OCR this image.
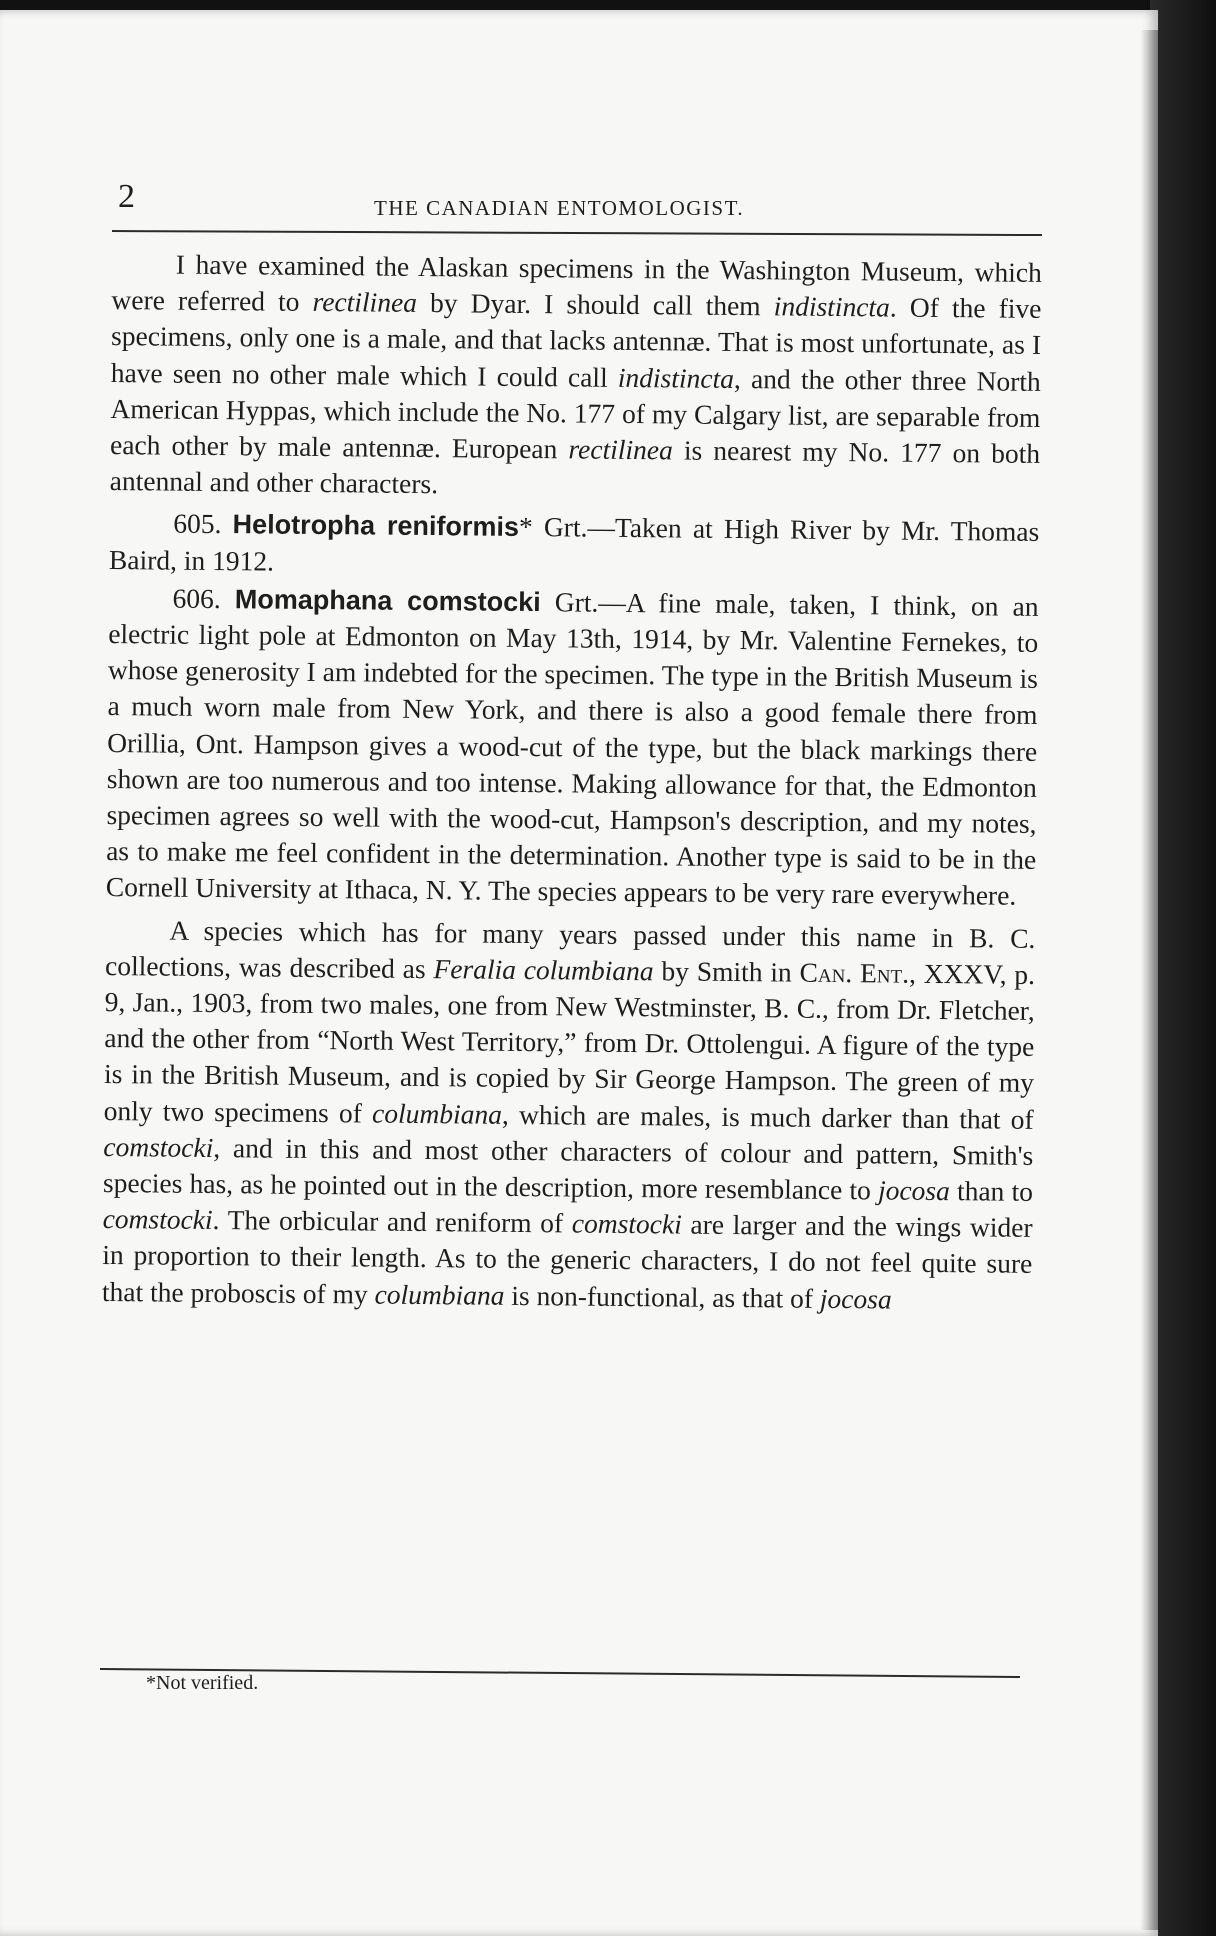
2	THE CANADIAN ENTOMOLOGIST.

I have examined the Alaskan specimens in the Washington Museum, which were referred to rectilinea by Dyar. I should call them indistincta. Of the five specimens, only one is a male, and that lacks antennæ. That is most unfortunate, as I have seen no other male which I could call indistincta, and the other three North American Hyppas, which include the No. 177 of my Calgary list, are separable from each other by male antennæ. European rectilinea is nearest my No. 177 on both antennal and other characters.

605. Helotropha reniformis* Grt.—Taken at High River by Mr. Thomas Baird, in 1912.

606. Momaphana comstocki Grt.—A fine male, taken, I think, on an electric light pole at Edmonton on May 13th, 1914, by Mr. Valentine Fernekes, to whose generosity I am indebted for the specimen. The type in the British Museum is a much worn male from New York, and there is also a good female there from Orillia, Ont. Hampson gives a wood-cut of the type, but the black markings there shown are too numerous and too intense. Making allowance for that, the Edmonton specimen agrees so well with the wood-cut, Hampson's description, and my notes, as to make me feel confident in the determination. Another type is said to be in the Cornell University at Ithaca, N. Y. The species appears to be very rare everywhere.

A species which has for many years passed under this name in B. C. collections, was described as Feralia columbiana by Smith in Can. Ent., XXXV, p. 9, Jan., 1903, from two males, one from New Westminster, B. C., from Dr. Fletcher, and the other from “North West Territory,” from Dr. Ottolengui. A figure of the type is in the British Museum, and is copied by Sir George Hampson. The green of my only two specimens of columbiana, which are males, is much darker than that of comstocki, and in this and most other characters of colour and pattern, Smith's species has, as he pointed out in the description, more resemblance to jocosa than to comstocki. The orbicular and reniform of comstocki are larger and the wings wider in proportion to their length. As to the generic characters, I do not feel quite sure that the proboscis of my columbiana is non-functional, as that of jocosa

*Not verified.
